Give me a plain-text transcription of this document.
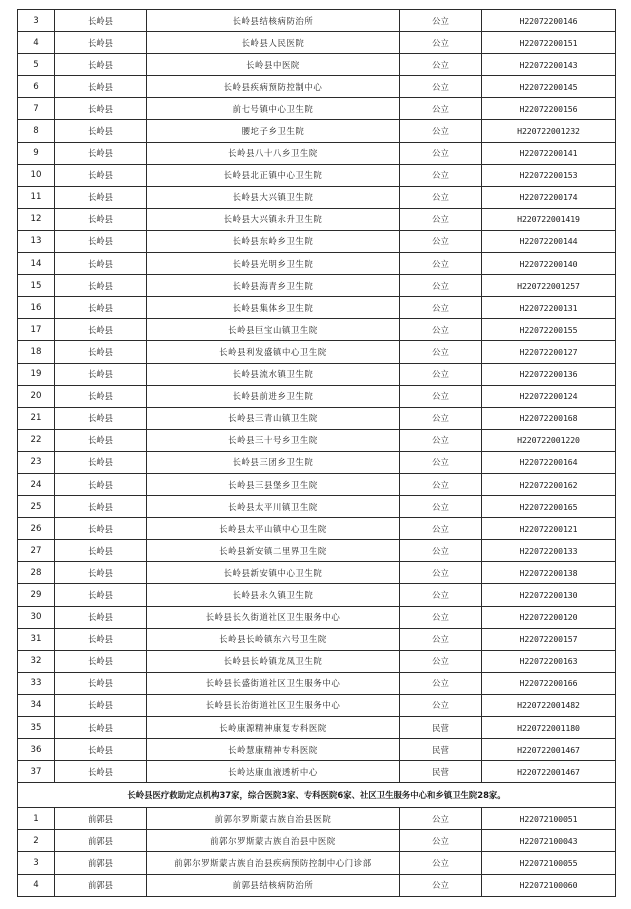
3	长岭县	长岭县结核病防治所	公立	H22072200146
4	长岭县	长岭县人民医院	公立	H22072200151
5	长岭县	长岭县中医院	公立	H22072200143
6	长岭县	长岭县疾病预防控制中心	公立	H22072200145
7	长岭县	前七号镇中心卫生院	公立	H22072200156
8	长岭县	腰坨子乡卫生院	公立	H220722001232
9	长岭县	长岭县八十八乡卫生院	公立	H22072200141
10	长岭县	长岭县北正镇中心卫生院	公立	H22072200153
11	长岭县	长岭县大兴镇卫生院	公立	H22072200174
12	长岭县	长岭县大兴镇永升卫生院	公立	H220722001419
13	长岭县	长岭县东岭乡卫生院	公立	H22072200144
14	长岭县	长岭县光明乡卫生院	公立	H22072200140
15	长岭县	长岭县海青乡卫生院	公立	H220722001257
16	长岭县	长岭县集体乡卫生院	公立	H22072200131
17	长岭县	长岭县巨宝山镇卫生院	公立	H22072200155
18	长岭县	长岭县利发盛镇中心卫生院	公立	H22072200127
19	长岭县	长岭县流水镇卫生院	公立	H22072200136
20	长岭县	长岭县前进乡卫生院	公立	H22072200124
21	长岭县	长岭县三青山镇卫生院	公立	H22072200168
22	长岭县	长岭县三十号乡卫生院	公立	H220722001220
23	长岭县	长岭县三团乡卫生院	公立	H22072200164
24	长岭县	长岭县三县堡乡卫生院	公立	H22072200162
25	长岭县	长岭县太平川镇卫生院	公立	H22072200165
26	长岭县	长岭县太平山镇中心卫生院	公立	H22072200121
27	长岭县	长岭县新安镇二里界卫生院	公立	H22072200133
28	长岭县	长岭县新安镇中心卫生院	公立	H22072200138
29	长岭县	长岭县永久镇卫生院	公立	H22072200130
30	长岭县	长岭县长久街道社区卫生服务中心	公立	H22072200120
31	长岭县	长岭县长岭镇东六号卫生院	公立	H22072200157
32	长岭县	长岭县长岭镇龙凤卫生院	公立	H22072200163
33	长岭县	长岭县长盛街道社区卫生服务中心	公立	H22072200166
34	长岭县	长岭县长治街道社区卫生服务中心	公立	H220722001482
35	长岭县	长岭康源精神康复专科医院	民营	H220722001180
36	长岭县	长岭慧康精神专科医院	民营	H220722001467
37	长岭县	长岭达康血液透析中心	民营	H220722001467
长岭县医疗救助定点机构37家，综合医院3家、专科医院6家、社区卫生服务中心和乡镇卫生院28家。				
1	前郭县	前郭尔罗斯蒙古族自治县医院	公立	H22072100051
2	前郭县	前郭尔罗斯蒙古族自治县中医院	公立	H22072100043
3	前郭县	前郭尔罗斯蒙古族自治县疾病预防控制中心门诊部	公立	H22072100055
4	前郭县	前郭县结核病防治所	公立	H22072100060
